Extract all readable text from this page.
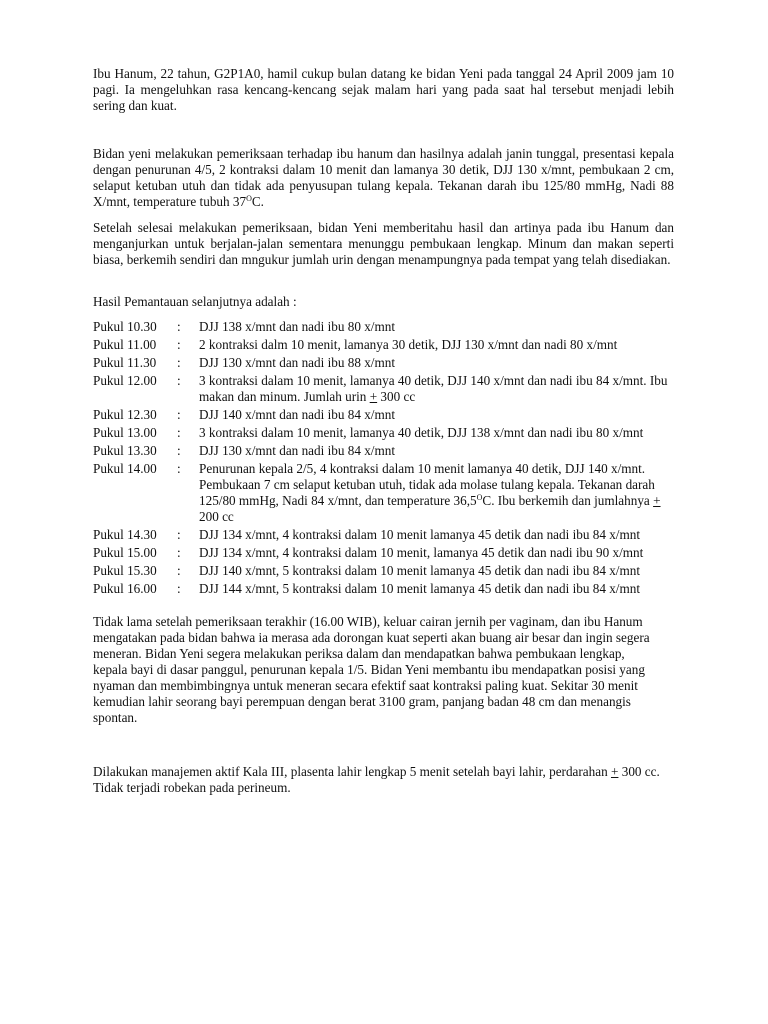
Ibu Hanum, 22 tahun, G2P1A0, hamil cukup bulan datang ke bidan Yeni pada tanggal 24 April 2009 jam 10 pagi. Ia mengeluhkan rasa kencang-kencang sejak malam hari yang pada saat hal tersebut menjadi lebih sering dan kuat.

Bidan yeni melakukan pemeriksaan terhadap ibu hanum dan hasilnya adalah janin tunggal, presentasi kepala dengan penurunan 4/5, 2 kontraksi dalam 10 menit dan lamanya 30 detik, DJJ 130 x/mnt, pembukaan 2 cm, selaput ketuban utuh dan tidak ada penyusupan tulang kepala. Tekanan darah ibu 125/80 mmHg, Nadi 88 X/mnt, temperature tubuh $37^OC$.

Setelah selesai melakukan pemeriksaan, bidan Yeni memberitahu hasil dan artinya pada ibu Hanum dan menganjurkan untuk berjalan-jalan sementara menunggu pembukaan lengkap. Minum dan makan seperti biasa, berkemih sendiri dan mngukur jumlah urin dengan menampungnya pada tempat yang telah disediakan.

Hasil Pemantauan selanjutnya adalah :

Pukul 10.30	:	DJJ 138 x/mnt dan nadi ibu 80 x/mnt
Pukul 11.00	:	2 kontraksi dalm 10 menit, lamanya 30 detik, DJJ 130 x/mnt dan nadi 80 x/mnt
Pukul 11.30	:	DJJ 130 x/mnt dan nadi ibu 88 x/mnt
Pukul 12.00	:	3 kontraksi dalam 10 menit, lamanya 40 detik, DJJ 140 x/mnt dan nadi ibu 84 x/mnt. Ibu makan dan minum. Jumlah urin + 300 cc
Pukul 12.30	:	DJJ 140 x/mnt dan nadi ibu 84 x/mnt
Pukul 13.00	:	3 kontraksi dalam 10 menit, lamanya 40 detik, DJJ 138 x/mnt dan nadi ibu 80 x/mnt
Pukul 13.30	:	DJJ 130 x/mnt dan nadi ibu 84 x/mnt
Pukul 14.00	:	Penurunan kepala 2/5, 4 kontraksi dalam 10 menit lamanya 40 detik, DJJ 140 x/mnt. Pembukaan 7 cm selaput ketuban utuh, tidak ada molase tulang kepala. Tekanan darah 125/80 mmHg, Nadi 84 x/mnt, dan temperature $36,5^OC$. Ibu berkemih dan jumlahnya + 200 cc
Pukul 14.30	:	DJJ 134 x/mnt, 4 kontraksi dalam 10 menit lamanya 45 detik dan nadi ibu 84 x/mnt
Pukul 15.00	:	DJJ 134 x/mnt, 4 kontraksi dalam 10 menit, lamanya 45 detik dan nadi ibu 90 x/mnt
Pukul 15.30	:	DJJ 140 x/mnt, 5 kontraksi dalam 10 menit lamanya 45 detik dan nadi ibu 84 x/mnt
Pukul 16.00	:	DJJ 144 x/mnt, 5 kontraksi dalam 10 menit lamanya 45 detik dan nadi ibu 84 x/mnt

Tidak lama setelah pemeriksaan terakhir (16.00 WIB), keluar cairan jernih per vaginam, dan ibu Hanum mengatakan pada bidan bahwa ia merasa ada dorongan kuat seperti akan buang air besar dan ingin segera meneran. Bidan Yeni segera melakukan periksa dalam dan mendapatkan bahwa pembukaan lengkap, kepala bayi di dasar panggul, penurunan kepala 1/5. Bidan Yeni membantu ibu mendapatkan posisi yang nyaman dan membimbingnya untuk meneran secara efektif saat kontraksi paling kuat. Sekitar 30 menit kemudian lahir seorang bayi perempuan dengan berat 3100 gram, panjang badan 48 cm dan menangis spontan.

Dilakukan manajemen aktif Kala III, plasenta lahir lengkap 5 menit setelah bayi lahir, perdarahan + 300 cc. Tidak terjadi robekan pada perineum.
